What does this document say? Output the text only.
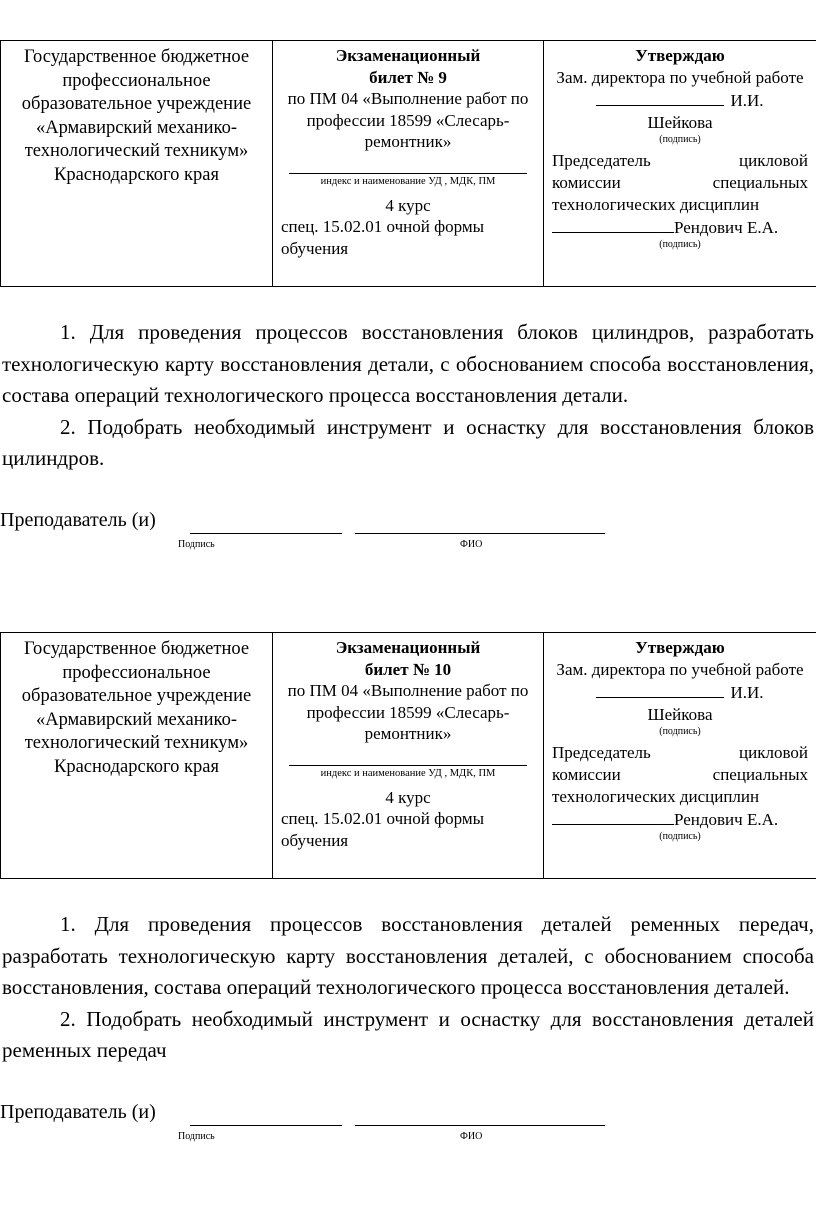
Государственное бюджетное профессиональное образовательное учреждение «Армавирский механико-технологический техникум» Краснодарского края

Экзаменационный
билет № 9
по ПМ 04 «Выполнение работ по профессии 18599 «Слесарь-ремонтник»
индекс и наименование УД , МДК, ПМ
4 курс
спец. 15.02.01 очной формы обучения

Утверждаю
Зам. директора по учебной работе
И.И.
Шейкова
(подпись)
Председатель	цикловой
комиссии	специальных
технологических дисциплин
Рендович Е.А.
(подпись)

1. Для проведения процессов восстановления блоков цилиндров, разработать технологическую карту восстановления детали, с обоснованием способа восстановления, состава операций технологического процесса восстановления детали.

2. Подобрать необходимый инструмент и оснастку для восстановления блоков цилиндров.

Преподаватель (и)
Подпись	ФИО
Государственное бюджетное профессиональное образовательное учреждение «Армавирский механико-технологический техникум» Краснодарского края

Экзаменационный
билет № 10
по ПМ 04 «Выполнение работ по профессии 18599 «Слесарь-ремонтник»
индекс и наименование УД , МДК, ПМ
4 курс
спец. 15.02.01 очной формы обучения

Утверждаю
Зам. директора по учебной работе
И.И.
Шейкова
(подпись)
Председатель	цикловой
комиссии	специальных
технологических дисциплин
Рендович Е.А.
(подпись)

1. Для проведения процессов восстановления деталей ременных передач, разработать технологическую карту восстановления деталей, с обоснованием способа восстановления, состава операций технологического процесса восстановления деталей.

2. Подобрать необходимый инструмент и оснастку для восстановления деталей ременных передач

Преподаватель (и)
Подпись	ФИО
